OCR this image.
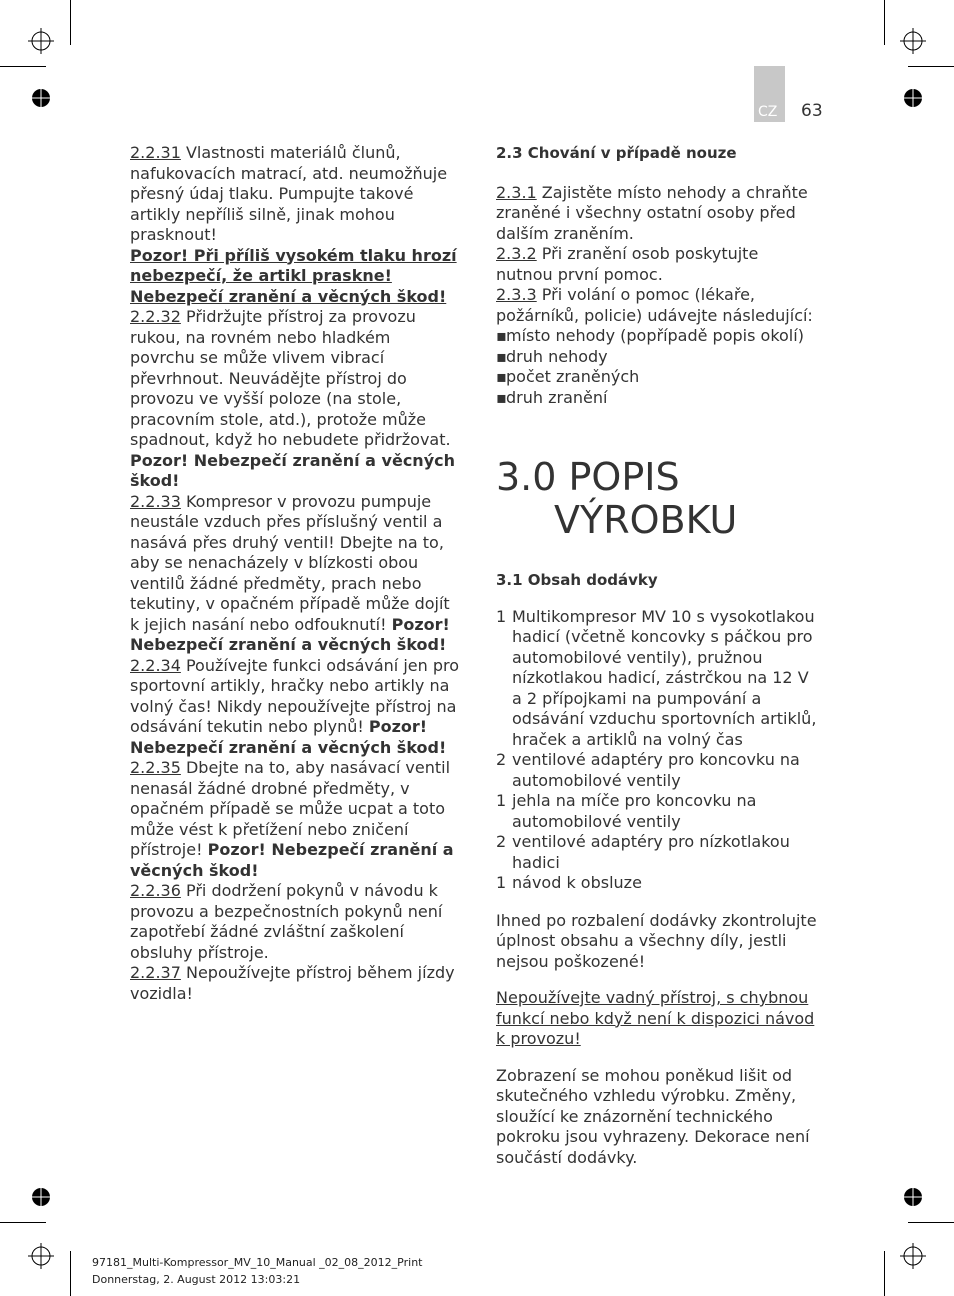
CZ 63

2.2.31 Vlastnosti materiálů člunů, nafukovacích matrací, atd. neumožňuje přesný údaj tlaku. Pumpujte takové artikly nepříliš silně, jinak mohou prasknout!

Pozor! Při příliš vysokém tlaku hrozí nebezpečí, že artikl praskne! Nebezpečí zranění a věcných škod!

2.2.32 Přidržujte přístroj za provozu rukou, na rovném nebo hladkém povrchu se může vlivem vibrací převrhnout. Neuvádějte přístroj do provozu ve vyšší poloze (na stole, pracovním stole, atd.), protože může spadnout, když ho nebudete přidržovat. Pozor! Nebezpečí zranění a věcných škod!

2.2.33 Kompresor v provozu pumpuje neustále vzduch přes příslušný ventil a nasává přes druhý ventil! Dbejte na to, aby se nenacházely v blízkosti obou ventilů žádné předměty, prach nebo tekutiny, v opačném případě může dojít k jejich nasání nebo odfouknutí! Pozor! Nebezpečí zranění a věcných škod!

2.2.34 Používejte funkci odsávání jen pro sportovní artikly, hračky nebo artikly na volný čas! Nikdy nepoužívejte přístroj na odsávání tekutin nebo plynů! Pozor! Nebezpečí zranění a věcných škod!

2.2.35 Dbejte na to, aby nasávací ventil nenasál žádné drobné předměty, v opačném případě se může ucpat a toto může vést k přetížení nebo zničení přístroje! Pozor! Nebezpečí zranění a věcných škod!

2.2.36 Při dodržení pokynů v návodu k provozu a bezpečnostních pokynů není zapotřebí žádné zvláštní zaškolení obsluhy přístroje.

2.2.37 Nepoužívejte přístroj během jízdy vozidla!

2.3 Chování v případě nouze

2.3.1 Zajistěte místo nehody a chraňte zraněné i všechny ostatní osoby před dalším zraněním.

2.3.2 Při zranění osob poskytujte nutnou první pomoc.

2.3.3 Při volání o pomoc (lékaře, požárníků, policie) udávejte následující:

▪ místo nehody (popřípadě popis okolí)
▪ druh nehody
▪ počet zraněných
▪ druh zranění
3.0 POPIS
VÝROBKU

3.1 Obsah dodávky

1 Multikompresor MV 10 s vysokotlakou hadicí (včetně koncovky s páčkou pro automobilové ventily), pružnou nízkotlakou hadicí, zástrčkou na 12 V a 2 přípojkami na pumpování a odsávání vzduchu sportovních artiklů, hraček a artiklů na volný čas
2 ventilové adaptéry pro koncovku na automobilové ventily
1 jehla na míče pro koncovku na automobilové ventily
2 ventilové adaptéry pro nízkotlakou hadici
1 návod k obsluze

Ihned po rozbalení dodávky zkontrolujte úplnost obsahu a všechny díly, jestli nejsou poškozené!

Nepoužívejte vadný přístroj, s chybnou funkcí nebo když není k dispozici návod k provozu!

Zobrazení se mohou poněkud lišit od skutečného vzhledu výrobku. Změny, sloužící ke znázornění technického pokroku jsou vyhrazeny. Dekorace není součástí dodávky.

97181_Multi-Kompressor_MV_10_Manual _02_08_2012_Print
Donnerstag, 2. August 2012 13:03:21
